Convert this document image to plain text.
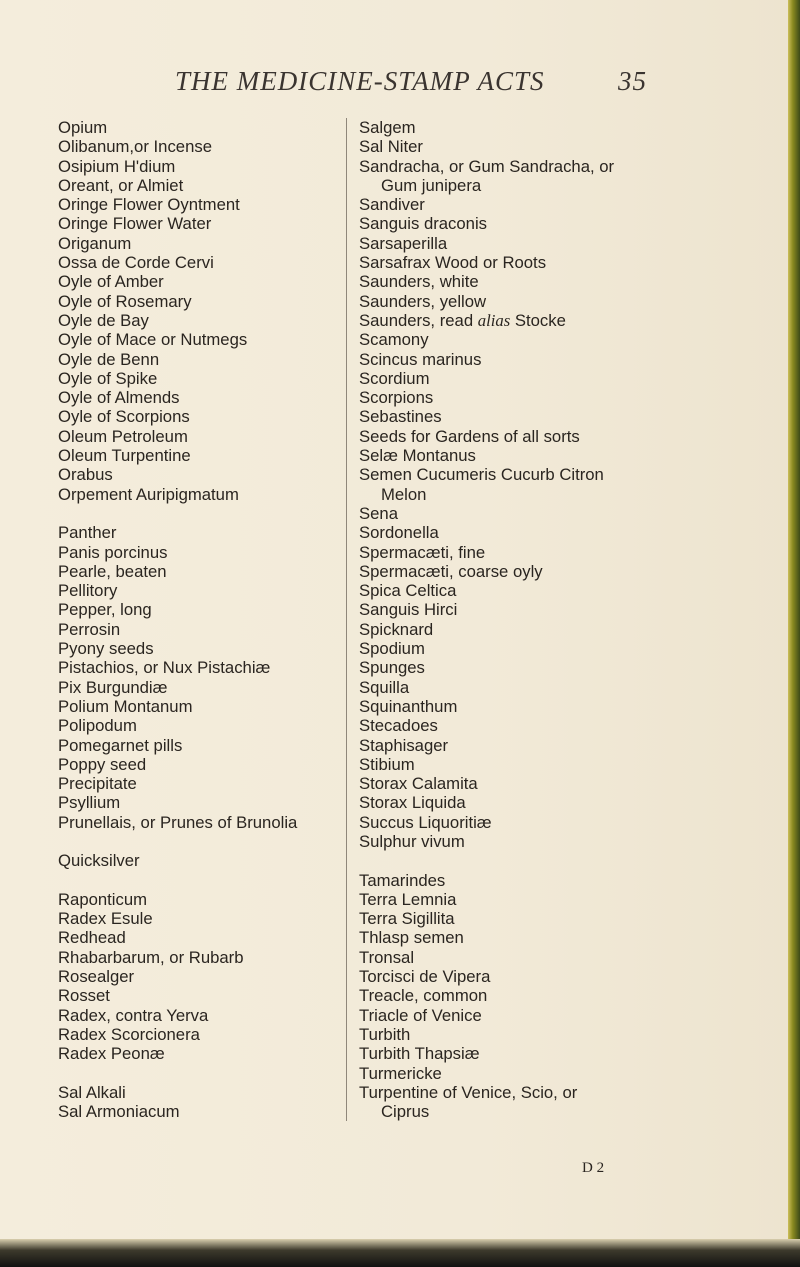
THE MEDICINE-STAMP ACTS	35
Opium
Olibanum,or Incense
Osipium H'dium
Oreant, or Almiet
Oringe Flower Oyntment
Oringe Flower Water
Origanum
Ossa de Corde Cervi
Oyle of Amber
Oyle of Rosemary
Oyle de Bay
Oyle of Mace or Nutmegs
Oyle de Benn
Oyle of Spike
Oyle of Almends
Oyle of Scorpions
Oleum Petroleum
Oleum Turpentine
Orabus
Orpement Auripigmatum
Panther
Panis porcinus
Pearle, beaten
Pellitory
Pepper, long
Perrosin
Pyony seeds
Pistachios, or Nux Pistachiæ
Pix Burgundiæ
Polium Montanum
Polipodum
Pomegarnet pills
Poppy seed
Precipitate
Psyllium
Prunellais, or Prunes of Brunolia
Quicksilver
Raponticum
Radex Esule
Redhead
Rhabarbarum, or Rubarb
Rosealger
Rosset
Radex, contra Yerva
Radex Scorcionera
Radex Peonæ
Sal Alkali
Sal Armoniacum
Salgem
Sal Niter
Sandracha, or Gum Sandracha, or
Gum junipera
Sandiver
Sanguis draconis
Sarsaperilla
Sarsafrax Wood or Roots
Saunders, white
Saunders, yellow
Saunders, read alias Stocke
Scamony
Scincus marinus
Scordium
Scorpions
Sebastines
Seeds for Gardens of all sorts
Selæ Montanus
Semen Cucumeris Cucurb Citron
Melon
Sena
Sordonella
Spermacæti, fine
Spermacæti, coarse oyly
Spica Celtica
Sanguis Hirci
Spicknard
Spodium
Spunges
Squilla
Squinanthum
Stecadoes
Staphisager
Stibium
Storax Calamita
Storax Liquida
Succus Liquoritiæ
Sulphur vivum
Tamarindes
Terra Lemnia
Terra Sigillita
Thlasp semen
Tronsal
Torcisci de Vipera
Treacle, common
Triacle of Venice
Turbith
Turbith Thapsiæ
Turmericke
Turpentine of Venice, Scio, or
Ciprus
D 2
